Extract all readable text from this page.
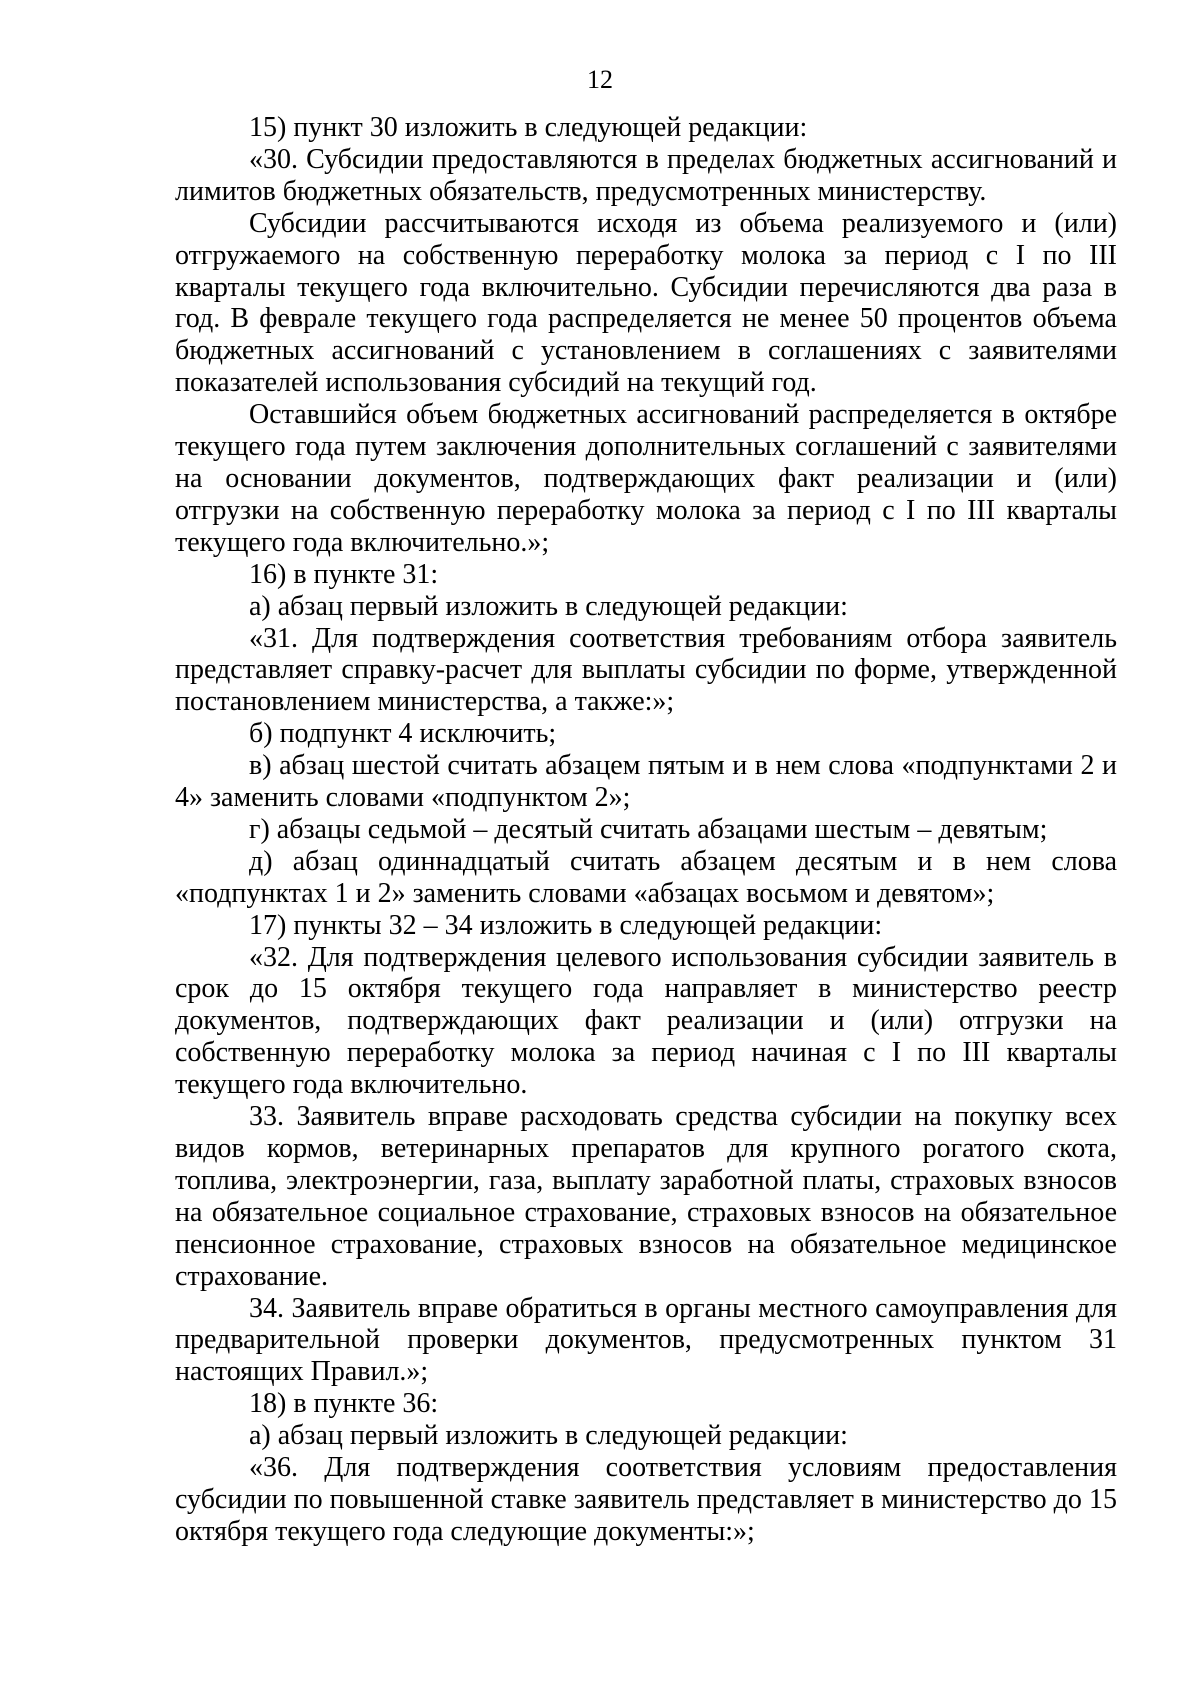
12

15) пункт 30 изложить в следующей редакции:

«30. Субсидии предоставляются в пределах бюджетных ассигнований и лимитов бюджетных обязательств, предусмотренных министерству.

Субсидии рассчитываются исходя из объема реализуемого и (или) отгружаемого на собственную переработку молока за период с I по III кварталы текущего года включительно. Субсидии перечисляются два раза в год. В феврале текущего года распределяется не менее 50 процентов объема бюджетных ассигнований с установлением в соглашениях с заявителями показателей использования субсидий на текущий год.

Оставшийся объем бюджетных ассигнований распределяется в октябре текущего года путем заключения дополнительных соглашений с заявителями на основании документов, подтверждающих факт реализации и (или) отгрузки на собственную переработку молока за период с I по III кварталы текущего года включительно.»;

16) в пункте 31:

а) абзац первый изложить в следующей редакции:

«31. Для подтверждения соответствия требованиям отбора заявитель представляет справку-расчет для выплаты субсидии по форме, утвержденной постановлением министерства, а также:»;

б) подпункт 4 исключить;

в) абзац шестой считать абзацем пятым и в нем слова «подпунктами 2 и 4» заменить словами «подпунктом 2»;

г) абзацы седьмой – десятый считать абзацами шестым – девятым;

д) абзац одиннадцатый считать абзацем десятым и в нем слова «подпунктах 1 и 2» заменить словами «абзацах восьмом и девятом»;

17) пункты 32 – 34 изложить в следующей редакции:

«32. Для подтверждения целевого использования субсидии заявитель в срок до 15 октября текущего года направляет в министерство реестр документов, подтверждающих факт реализации и (или) отгрузки на собственную переработку молока за период начиная с I по III кварталы текущего года включительно.

33. Заявитель вправе расходовать средства субсидии на покупку всех видов кормов, ветеринарных препаратов для крупного рогатого скота, топлива, электроэнергии, газа, выплату заработной платы, страховых взносов на обязательное социальное страхование, страховых взносов на обязательное пенсионное страхование, страховых взносов на обязательное медицинское страхование.

34. Заявитель вправе обратиться в органы местного самоуправления для предварительной проверки документов, предусмотренных пунктом 31 настоящих Правил.»;

18) в пункте 36:

а) абзац первый изложить в следующей редакции:

«36. Для подтверждения соответствия условиям предоставления субсидии по повышенной ставке заявитель представляет в министерство до 15 октября текущего года следующие документы:»;
